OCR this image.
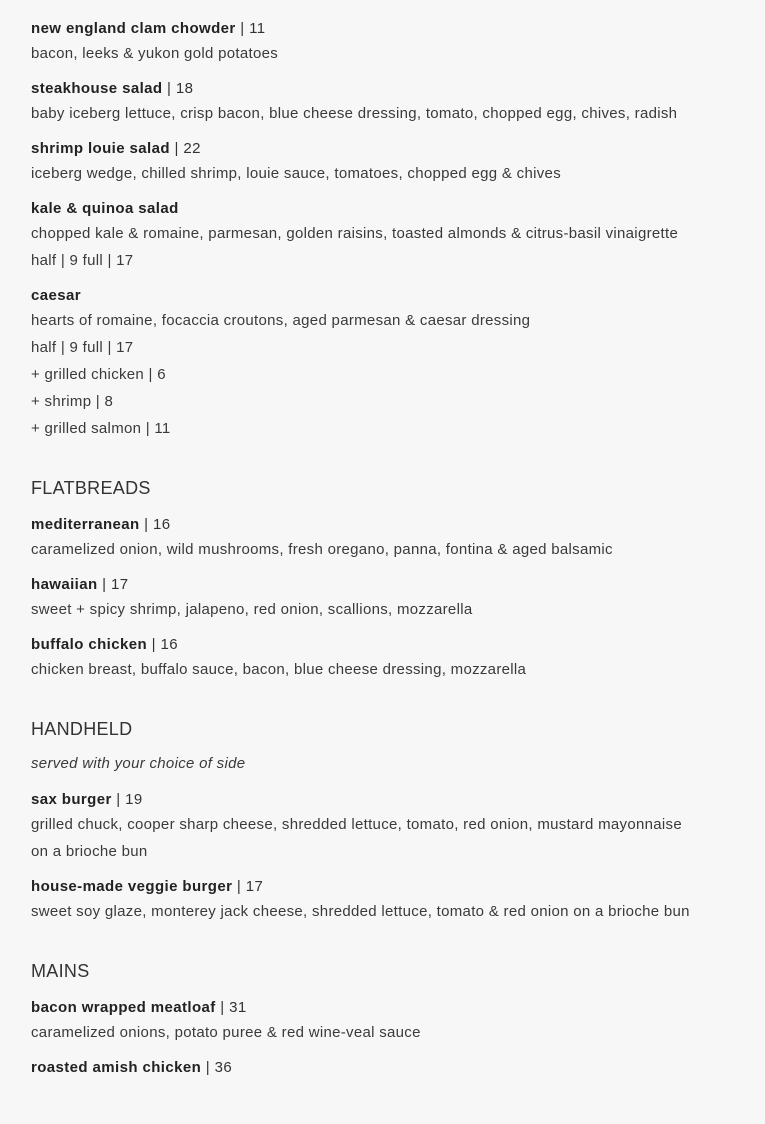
new england clam chowder | 11
bacon, leeks & yukon gold potatoes
steakhouse salad | 18
baby iceberg lettuce, crisp bacon, blue cheese dressing, tomato, chopped egg, chives, radish
shrimp louie salad | 22
iceberg wedge, chilled shrimp, louie sauce, tomatoes, chopped egg & chives
kale & quinoa salad
chopped kale & romaine, parmesan, golden raisins, toasted almonds & citrus-basil vinaigrette
half | 9 full | 17
caesar
hearts of romaine, focaccia croutons, aged parmesan & caesar dressing
half | 9 full | 17
+ grilled chicken | 6
+ shrimp | 8
+ grilled salmon | 11
FLATBREADS
mediterranean | 16
caramelized onion, wild mushrooms, fresh oregano, panna, fontina & aged balsamic
hawaiian | 17
sweet + spicy shrimp, jalapeno, red onion, scallions, mozzarella
buffalo chicken | 16
chicken breast, buffalo sauce, bacon, blue cheese dressing, mozzarella
HANDHELD
served with your choice of side
sax burger | 19
grilled chuck, cooper sharp cheese, shredded lettuce, tomato, red onion, mustard mayonnaise
on a brioche bun
house-made veggie burger | 17
sweet soy glaze, monterey jack cheese, shredded lettuce, tomato & red onion on a brioche bun
MAINS
bacon wrapped meatloaf | 31
caramelized onions, potato puree & red wine-veal sauce
roasted amish chicken | 36
